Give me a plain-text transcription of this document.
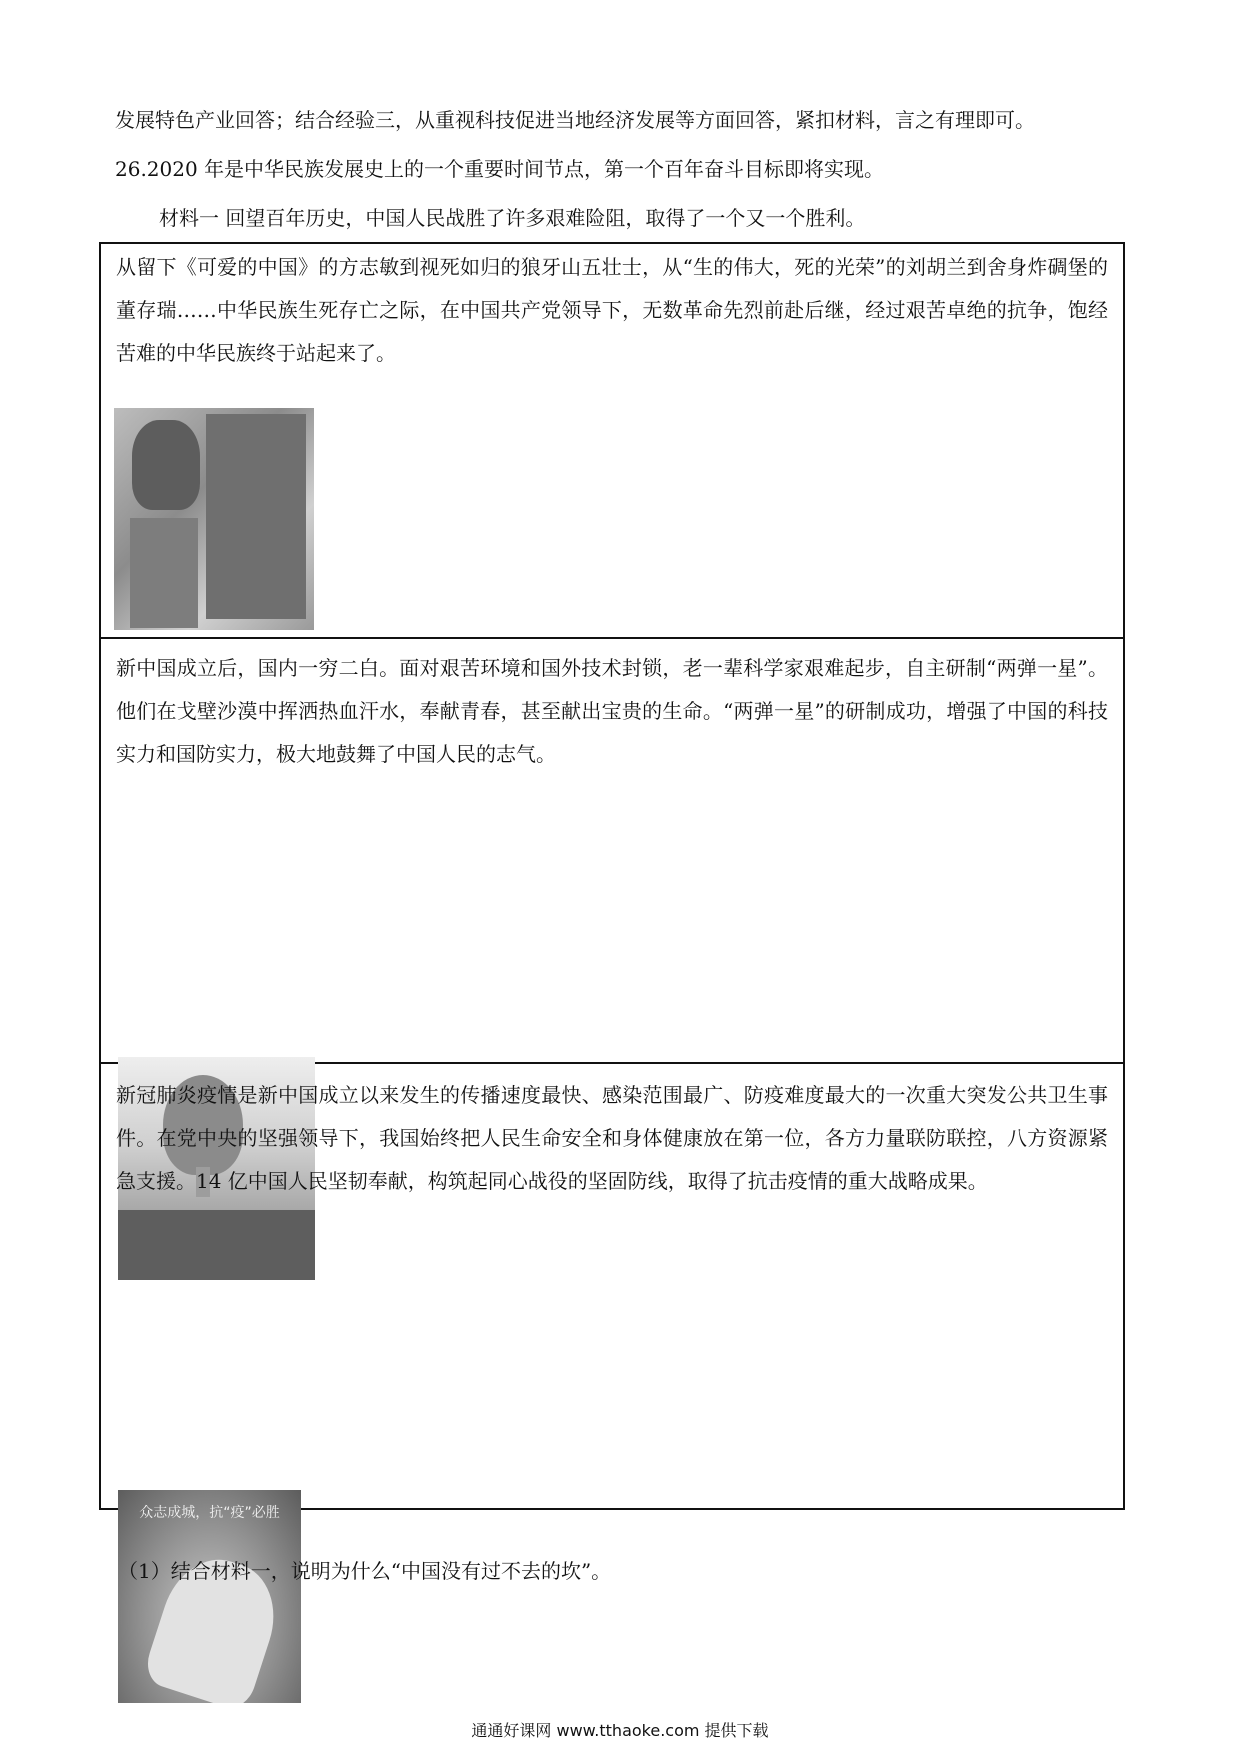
发展特色产业回答；结合经验三，从重视科技促进当地经济发展等方面回答，紧扣材料，言之有理即可。
26.2020 年是中华民族发展史上的一个重要时间节点，第一个百年奋斗目标即将实现。
材料一 回望百年历史，中国人民战胜了许多艰难险阻，取得了一个又一个胜利。
从留下《可爱的中国》的方志敏到视死如归的狼牙山五壮士，从“生的伟大，死的光荣”的刘胡兰到舍身炸碉堡的董存瑞……中华民族生死存亡之际，在中国共产党领导下，无数革命先烈前赴后继，经过艰苦卓绝的抗争，饱经苦难的中华民族终于站起来了。
新中国成立后，国内一穷二白。面对艰苦环境和国外技术封锁，老一辈科学家艰难起步，自主研制“两弹一星”。他们在戈壁沙漠中挥洒热血汗水，奉献青春，甚至献出宝贵的生命。“两弹一星”的研制成功，增强了中国的科技实力和国防实力，极大地鼓舞了中国人民的志气。
新冠肺炎疫情是新中国成立以来发生的传播速度最快、感染范围最广、防疫难度最大的一次重大突发公共卫生事件。在党中央的坚强领导下，我国始终把人民生命安全和身体健康放在第一位，各方力量联防联控，八方资源紧急支援。14 亿中国人民坚韧奉献，构筑起同心战役的坚固防线，取得了抗击疫情的重大战略成果。
众志成城，抗“疫”必胜
（1）结合材料一，说明为什么“中国没有过不去的坎”。
通通好课网 www.tthaoke.com 提供下载
